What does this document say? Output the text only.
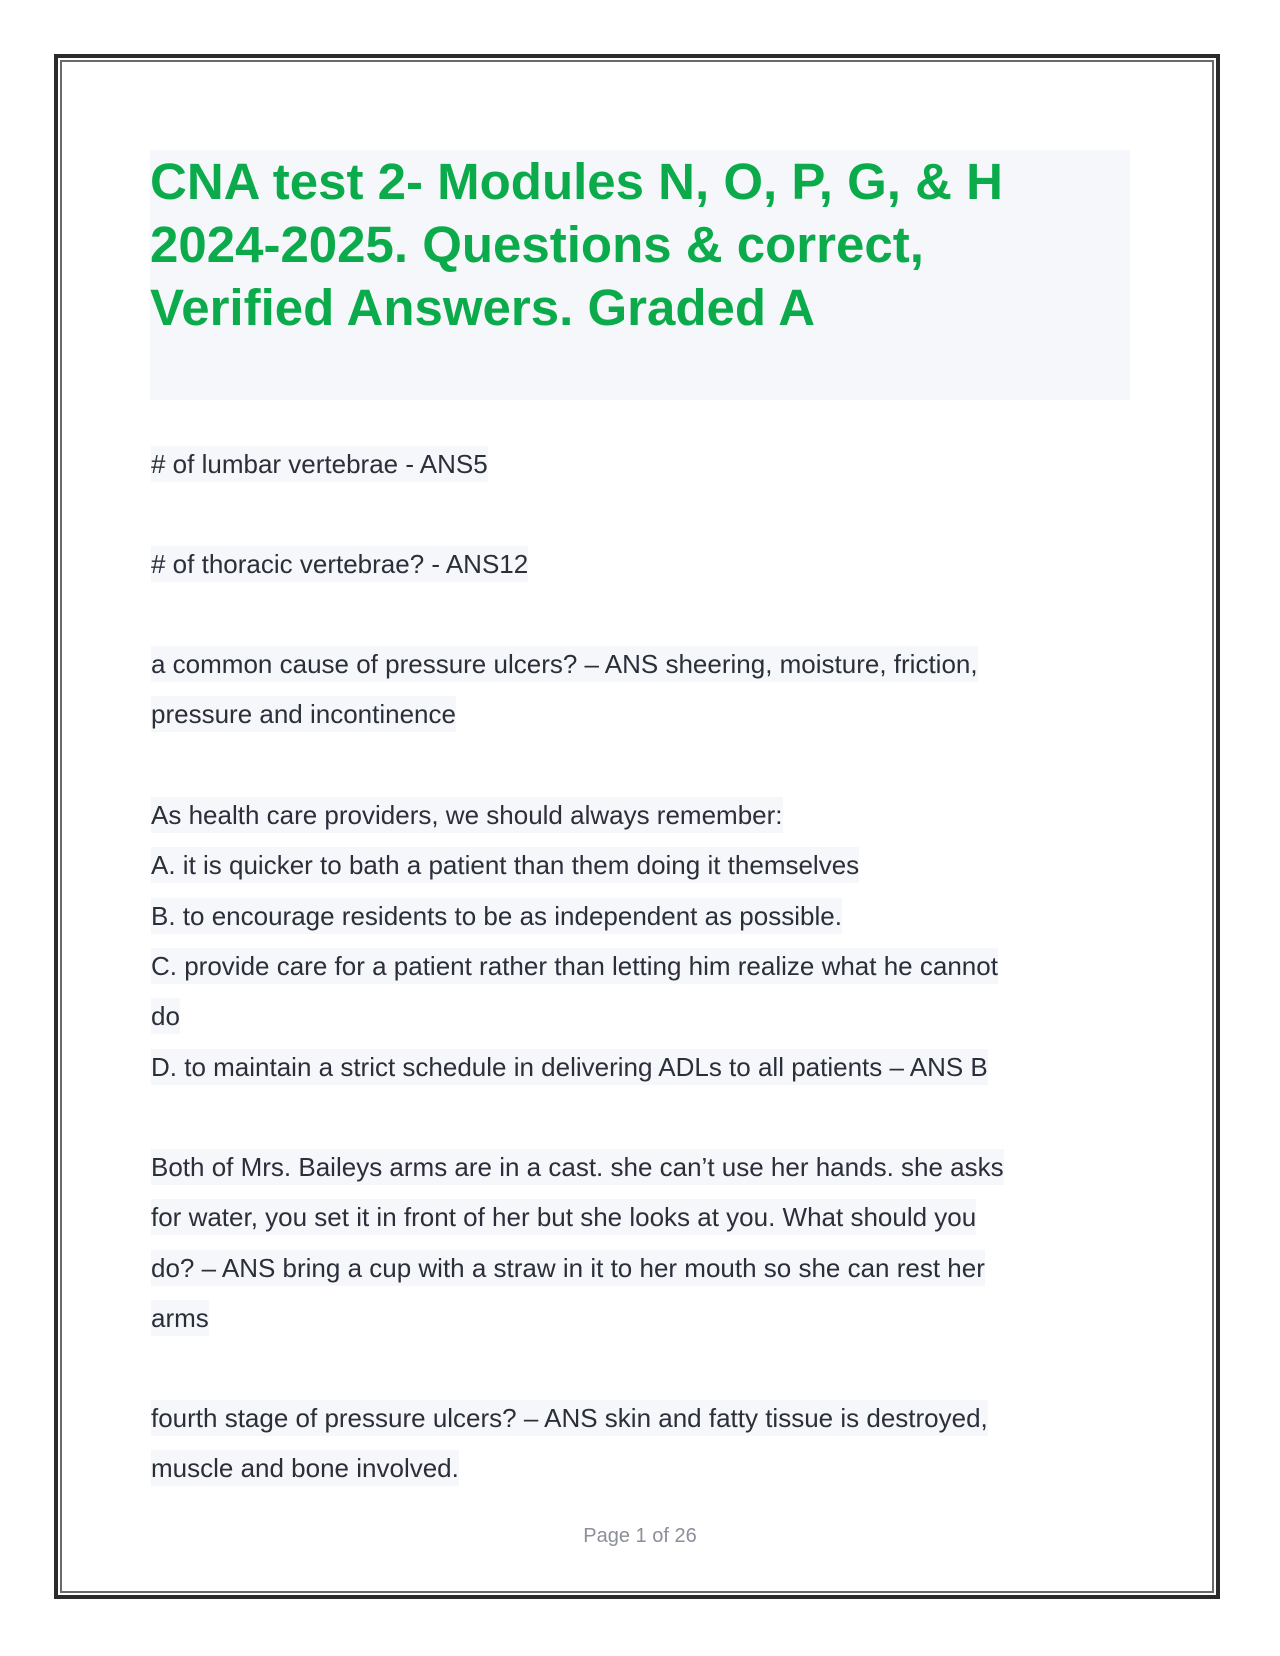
CNA test 2- Modules N, O, P, G, & H
2024-2025. Questions & correct,
Verified Answers. Graded A
# of lumbar vertebrae - ANS5
# of thoracic vertebrae? - ANS12
a common cause of pressure ulcers? – ANS sheering, moisture, friction,
pressure and incontinence
As health care providers, we should always remember:
A. it is quicker to bath a patient than them doing it themselves
B. to encourage residents to be as independent as possible.
C. provide care for a patient rather than letting him realize what he cannot
do
D. to maintain a strict schedule in delivering ADLs to all patients – ANS B
Both of Mrs. Baileys arms are in a cast. she can’t use her hands. she asks
for water, you set it in front of her but she looks at you. What should you
do? – ANS bring a cup with a straw in it to her mouth so she can rest her
arms
fourth stage of pressure ulcers? – ANS skin and fatty tissue is destroyed,
muscle and bone involved.
Page 1 of 26
